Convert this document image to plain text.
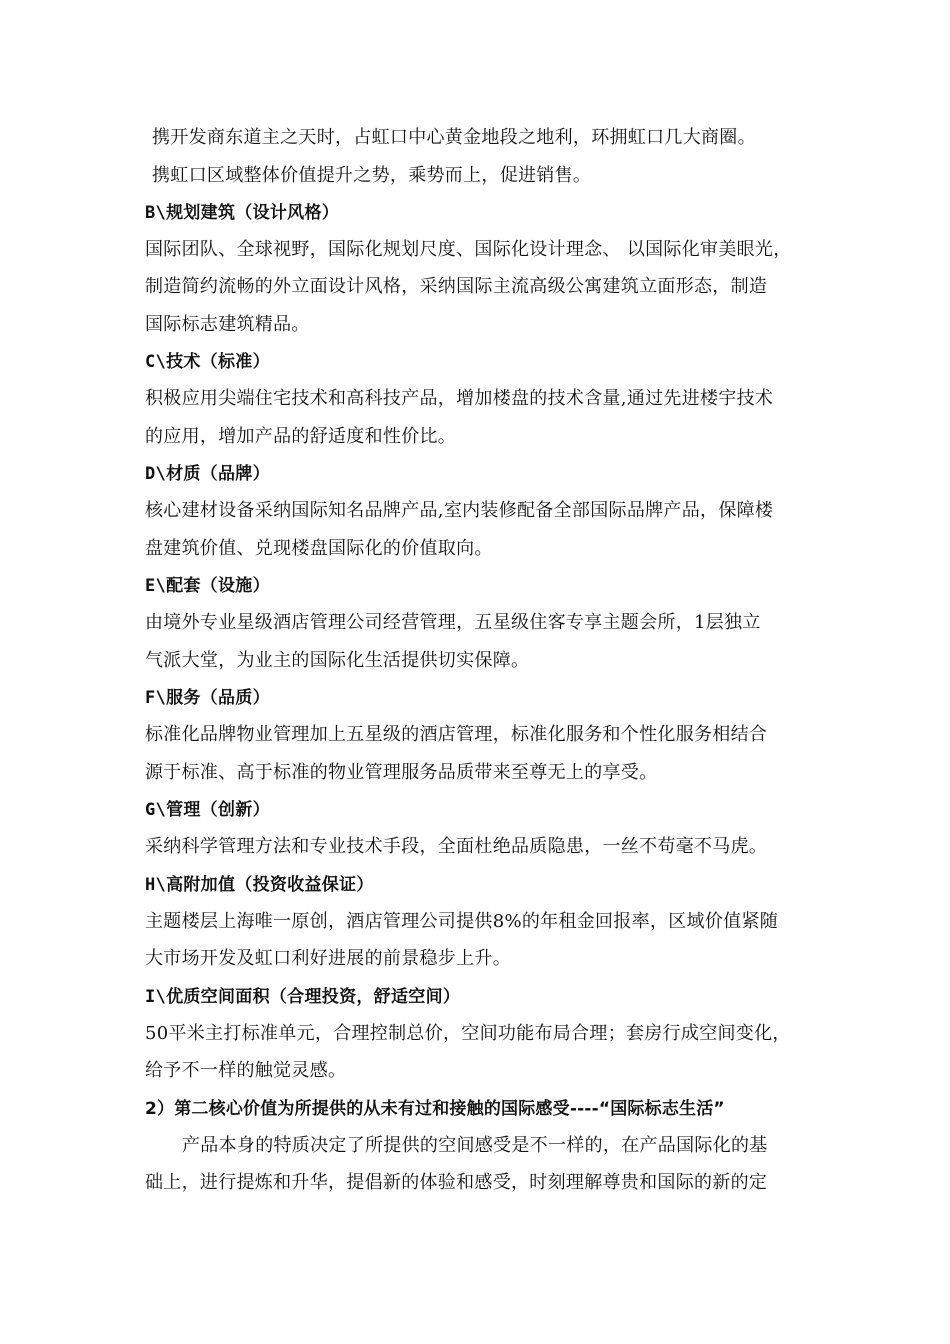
携开发商东道主之天时，占虹口中心黄金地段之地利，环拥虹口几大商圈。
携虹口区域整体价值提升之势，乘势而上，促进销售。
B\规划建筑（设计风格）
国际团队、全球视野，国际化规划尺度、国际化设计理念、 以国际化审美眼光，
制造简约流畅的外立面设计风格，采纳国际主流高级公寓建筑立面形态，制造
国际标志建筑精品。
C\技术（标准）
积极应用尖端住宅技术和高科技产品，增加楼盘的技术含量,通过先进楼宇技术
的应用，增加产品的舒适度和性价比。
D\材质（品牌）
核心建材设备采纳国际知名品牌产品,室内装修配备全部国际品牌产品，保障楼
盘建筑价值、兑现楼盘国际化的价值取向。
E\配套（设施）
由境外专业星级酒店管理公司经营管理，五星级住客专享主题会所，1层独立
气派大堂，为业主的国际化生活提供切实保障。
F\服务（品质）
标准化品牌物业管理加上五星级的酒店管理，标准化服务和个性化服务相结合
源于标准、高于标准的物业管理服务品质带来至尊无上的享受。
G\管理（创新）
采纳科学管理方法和专业技术手段，全面杜绝品质隐患，一丝不苟毫不马虎。
H\高附加值（投资收益保证）
主题楼层上海唯一原创，酒店管理公司提供8%的年租金回报率，区域价值紧随
大市场开发及虹口利好进展的前景稳步上升。
I\优质空间面积（合理投资，舒适空间）
50平米主打标准单元，合理控制总价，空间功能布局合理；套房行成空间变化，
给予不一样的触觉灵感。
2）第二核心价值为所提供的从未有过和接触的国际感受----“国际标志生活”
产品本身的特质决定了所提供的空间感受是不一样的，在产品国际化的基
础上，进行提炼和升华，提倡新的体验和感受，时刻理解尊贵和国际的新的定
